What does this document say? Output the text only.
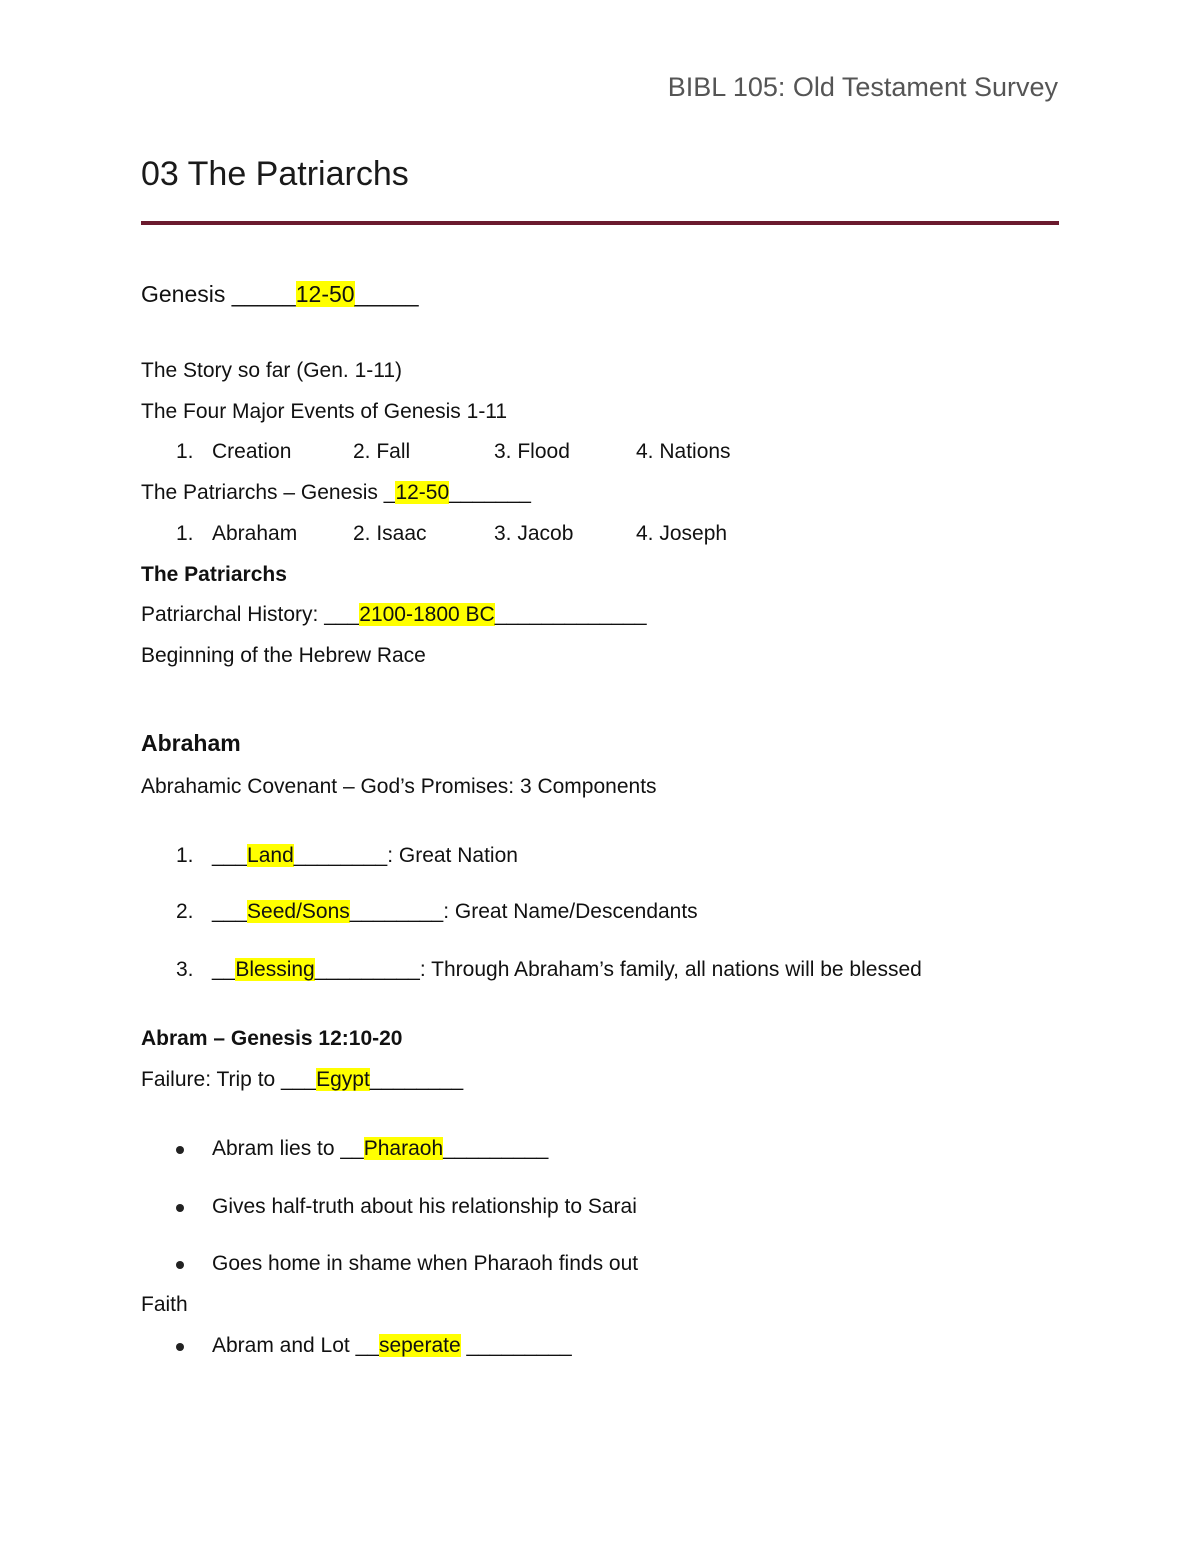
BIBL 105: Old Testament Survey
03 The Patriarchs
Genesis _____12-50_____
The Story so far (Gen. 1-11)
The Four Major Events of Genesis 1-11
1. Creation	2. Fall	3. Flood	4. Nations
The Patriarchs – Genesis _12-50_______
1. Abraham	2. Isaac	3. Jacob	4. Joseph
The Patriarchs
Patriarchal History: ___2100-1800 BC_____________
Beginning of the Hebrew Race
Abraham
Abrahamic Covenant – God’s Promises: 3 Components
1. ___Land________: Great Nation
2. ___Seed/Sons________: Great Name/Descendants
3. __Blessing_________: Through Abraham’s family, all nations will be blessed
Abram – Genesis 12:10-20
Failure: Trip to ___Egypt________
Abram lies to __Pharaoh_________
Gives half-truth about his relationship to Sarai
Goes home in shame when Pharaoh finds out
Faith
Abram and Lot __seperate _________
